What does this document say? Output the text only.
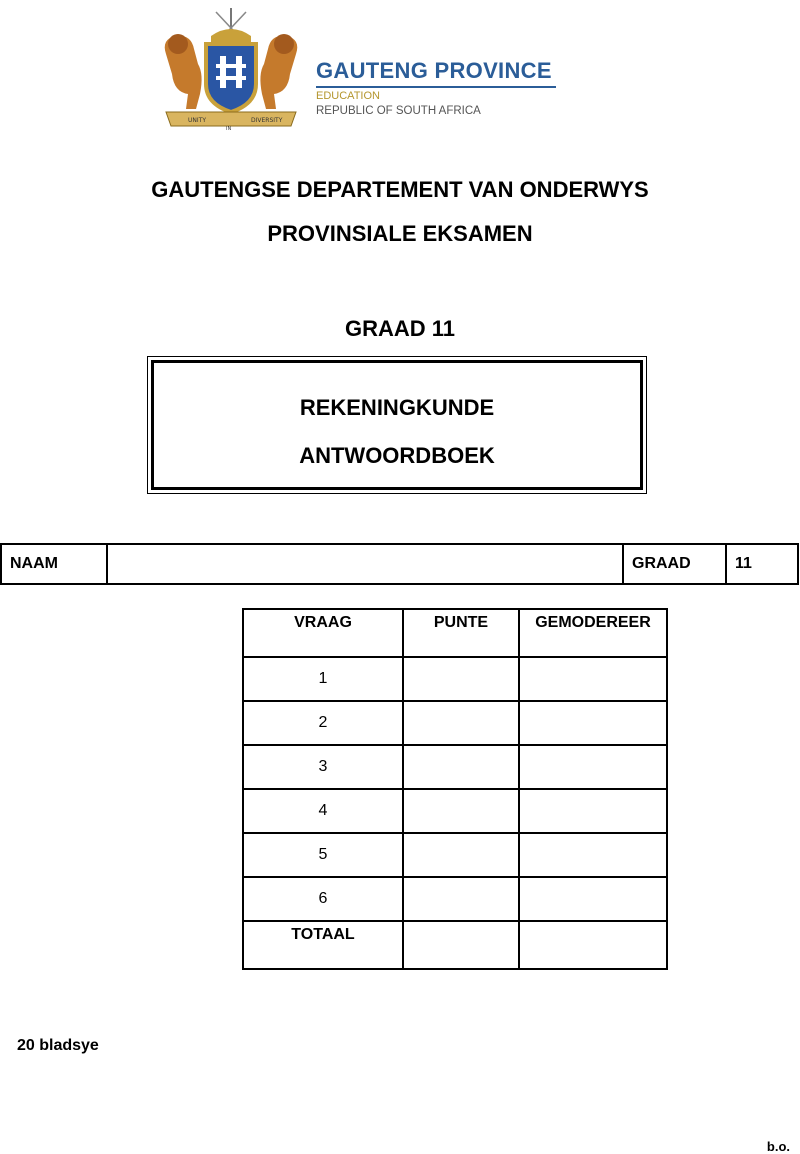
UNITY
IN
DIVERSITY
GAUTENG PROVINCE
EDUCATION
REPUBLIC OF SOUTH AFRICA
GAUTENGSE DEPARTEMENT VAN ONDERWYS
PROVINSIALE EKSAMEN
GRAAD 11
REKENINGKUNDE
ANTWOORDBOEK
NAAM		GRAAD	11
VRAAG	PUNTE	GEMODEREER
1		
2		
3		
4		
5		
6		
TOTAAL		
20 bladsye
b.o.
